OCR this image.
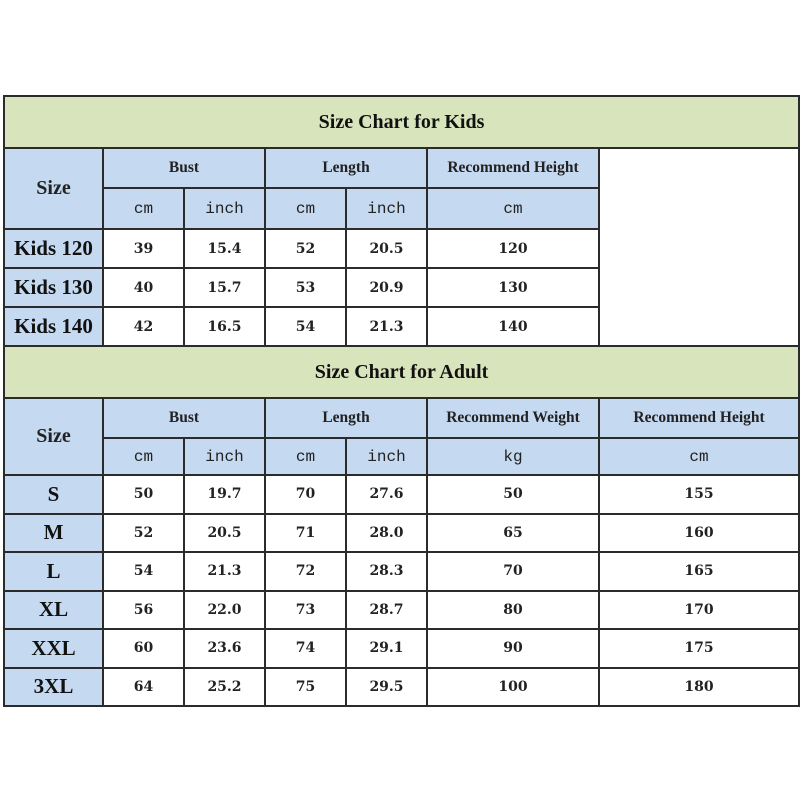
Size Chart for Kids						
Size	Bust		Length		Recommend Height	
	cm	inch	cm	inch	cm	
Kids 120	39	15.4	52	20.5	120	
Kids 130	40	15.7	53	20.9	130	
Kids 140	42	16.5	54	21.3	140	
Size Chart for Adult						
Size	Bust		Length		Recommend Weight	Recommend Height
	cm	inch	cm	inch	kg	cm
S	50	19.7	70	27.6	50	155
M	52	20.5	71	28.0	65	160
L	54	21.3	72	28.3	70	165
XL	56	22.0	73	28.7	80	170
XXL	60	23.6	74	29.1	90	175
3XL	64	25.2	75	29.5	100	180
